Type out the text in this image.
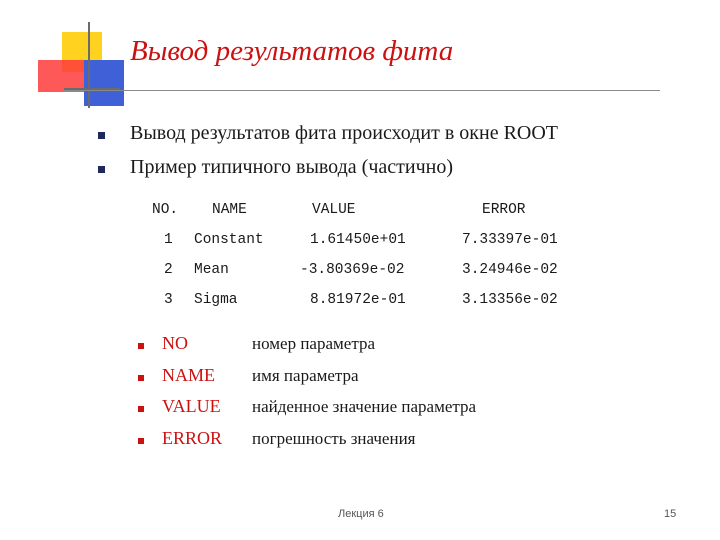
Вывод результатов фита
Вывод результатов фита происходит в окне ROOT
Пример типичного вывода (частично)
NO. NAME	VALUE	ERROR
1 Constant	1.61450e+01	7.33397e-01
2 Mean	-3.80369e-02	3.24946e-02
3 Sigma	8.81972e-01	3.13356e-02
NO	номер параметра
NAME имя параметра
VALUE найденное значение параметра
ERROR погрешность значения
Лекция 6	15
